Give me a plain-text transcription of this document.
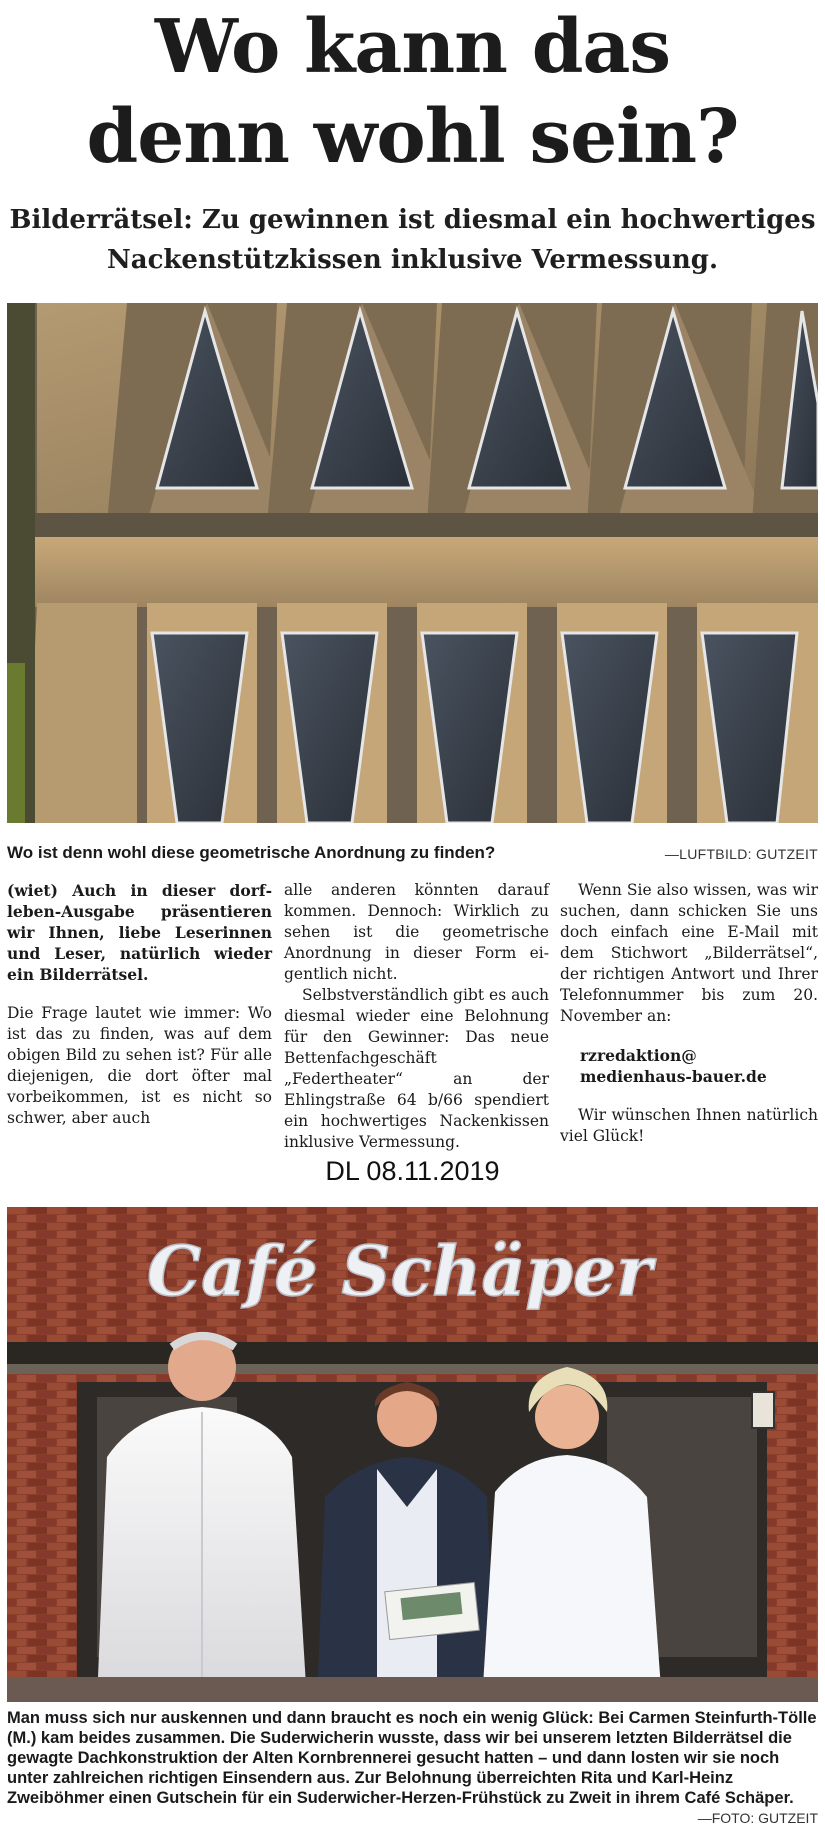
Wo kann das
denn wohl sein?
Bilderrätsel: Zu gewinnen ist diesmal ein hochwertiges
Nackenstützkissen inklusive Vermessung.
Wo ist denn wohl diese geometrische Anordnung zu finden?	—LUFTBILD: GUTZEIT

(wiet) Auch in dieser dorfleben-Ausgabe präsentieren wir Ihnen, liebe Leserinnen und Leser, natürlich wieder ein Bilderrätsel.

Die Frage lautet wie immer: Wo ist das zu finden, was auf dem obigen Bild zu sehen ist? Für alle diejenigen, die dort öfter mal vorbeikommen, ist es nicht so schwer, aber auch

alle anderen könnten darauf kommen. Dennoch: Wirklich zu sehen ist die geometrische Anordnung in dieser Form eigentlich nicht.

Selbstverständlich gibt es auch diesmal wieder eine Belohnung für den Gewinner: Das neue Bettenfachgeschäft „Federtheater“ an der Ehlingstraße 64 b/66 spendiert ein hochwertiges Nackenkissen inklusive Vermessung.

Wenn Sie also wissen, was wir suchen, dann schicken Sie uns doch einfach eine E-Mail mit dem Stichwort „Bilderrätsel“, der richtigen Antwort und Ihrer Telefonnummer bis zum 20. November an:

rzredaktion@
medienhaus-bauer.de

Wir wünschen Ihnen natürlich viel Glück!

DL 08.11.2019
Café Schäper
Man muss sich nur auskennen und dann braucht es noch ein wenig Glück: Bei Carmen Steinfurth-Tölle (M.) kam beides zusammen. Die Suderwicherin wusste, dass wir bei unserem letzten Bilderrätsel die gewagte Dachkonstruktion der Alten Kornbrennerei gesucht hatten – und dann losten wir sie noch unter zahlreichen richtigen Einsendern aus. Zur Belohnung überreichten Rita und Karl-Heinz Zweiböhmer einen Gutschein für ein Suderwicher-Herzen-Frühstück zu Zweit in ihrem Café Schäper.
—FOTO: GUTZEIT
